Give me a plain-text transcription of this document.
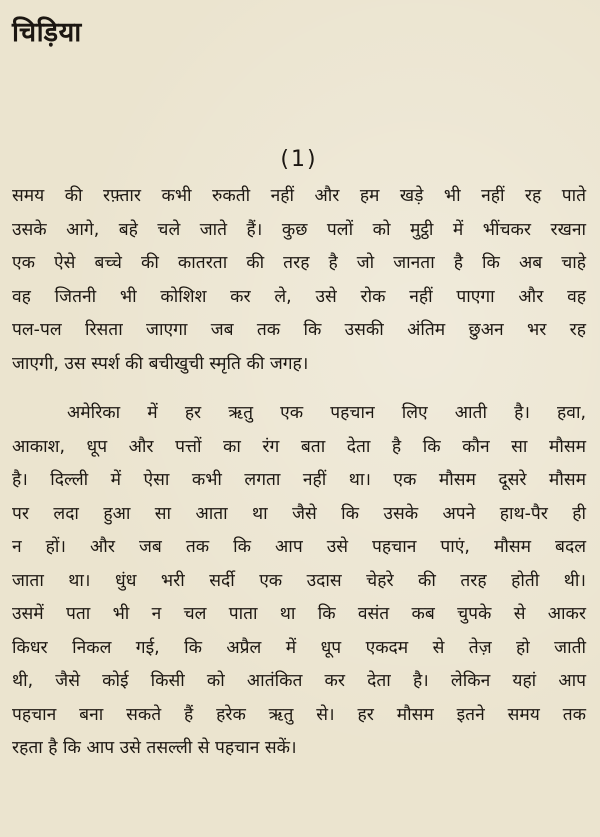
चिड़िया
(1)

समय की रफ़्तार कभी रुकती नहीं और हम खड़े भी नहीं रह पाते
उसके आगे, बहे चले जाते हैं। कुछ पलों को मुट्ठी में भींचकर रखना
एक ऐसे बच्चे की कातरता की तरह है जो जानता है कि अब चाहे
वह जितनी भी कोशिश कर ले, उसे रोक नहीं पाएगा और वह
पल-पल रिसता जाएगा जब तक कि उसकी अंतिम छुअन भर रह
जाएगी, उस स्पर्श की बचीखुची स्मृति की जगह।

अमेरिका में हर ऋतु एक पहचान लिए आती है। हवा,
आकाश, धूप और पत्तों का रंग बता देता है कि कौन सा मौसम
है। दिल्ली में ऐसा कभी लगता नहीं था। एक मौसम दूसरे मौसम
पर लदा हुआ सा आता था जैसे कि उसके अपने हाथ-पैर ही
न हों। और जब तक कि आप उसे पहचान पाएं, मौसम बदल
जाता था। धुंध भरी सर्दी एक उदास चेहरे की तरह होती थी।
उसमें पता भी न चल पाता था कि वसंत कब चुपके से आकर
किधर निकल गई, कि अप्रैल में धूप एकदम से तेज़ हो जाती
थी, जैसे कोई किसी को आतंकित कर देता है। लेकिन यहां आप
पहचान बना सकते हैं हरेक ऋतु से। हर मौसम इतने समय तक
रहता है कि आप उसे तसल्ली से पहचान सकें।
